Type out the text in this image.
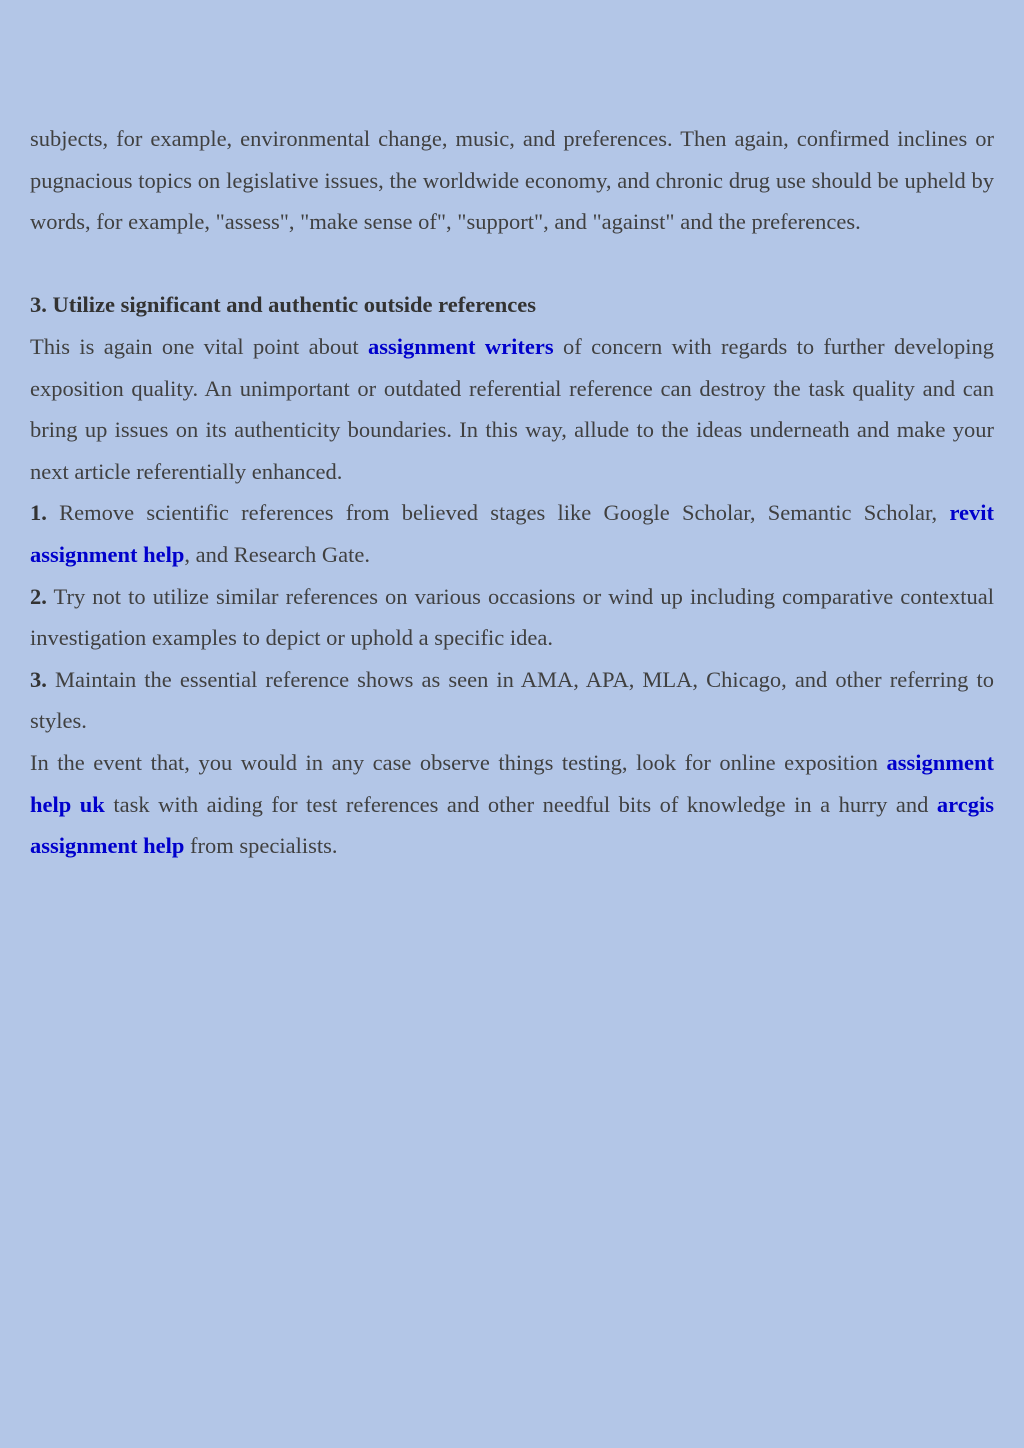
subjects, for example, environmental change, music, and preferences. Then again, confirmed inclines or pugnacious topics on legislative issues, the worldwide economy, and chronic drug use should be upheld by words, for example, "assess", "make sense of", "support", and "against" and the preferences.

3. Utilize significant and authentic outside references

This is again one vital point about assignment writers of concern with regards to further developing exposition quality. An unimportant or outdated referential reference can destroy the task quality and can bring up issues on its authenticity boundaries. In this way, allude to the ideas underneath and make your next article referentially enhanced.

1. Remove scientific references from believed stages like Google Scholar, Semantic Scholar, revit assignment help, and Research Gate.

2. Try not to utilize similar references on various occasions or wind up including comparative contextual investigation examples to depict or uphold a specific idea.

3. Maintain the essential reference shows as seen in AMA, APA, MLA, Chicago, and other referring to styles.

In the event that, you would in any case observe things testing, look for online exposition assignment help uk task with aiding for test references and other needful bits of knowledge in a hurry and arcgis assignment help from specialists.
